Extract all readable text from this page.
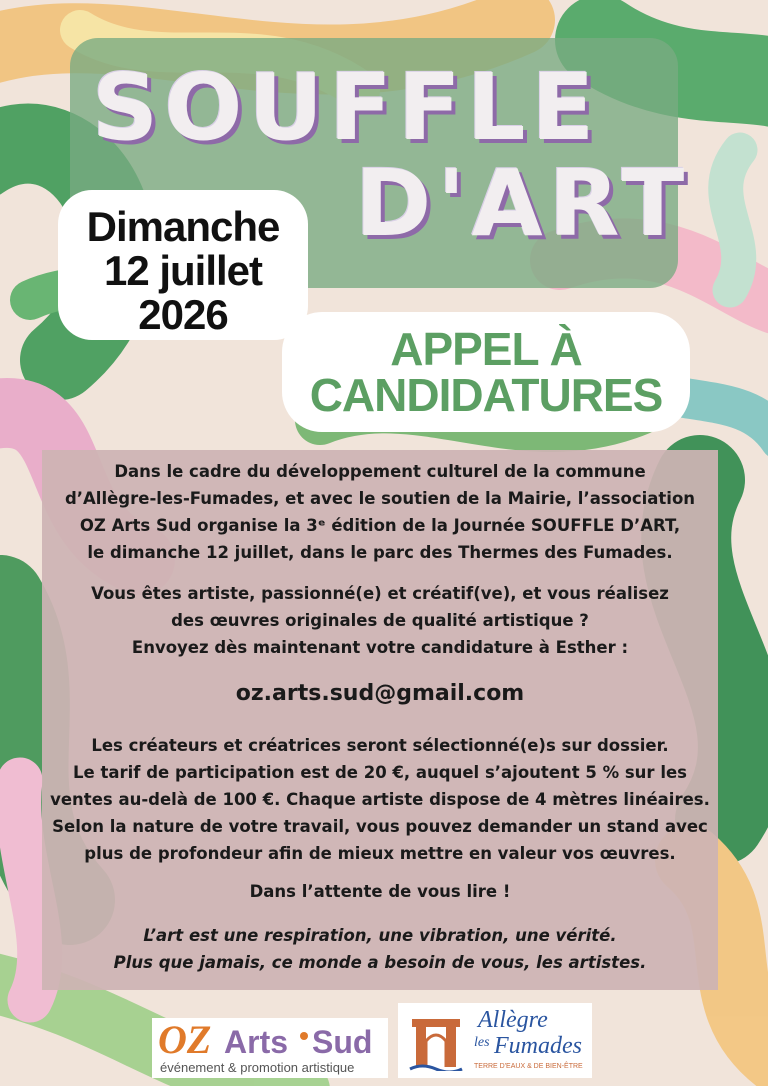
SOUFFLE
D'ART
Dimanche
12 juillet
2026
APPEL À
CANDIDATURES
Dans le cadre du développement culturel de la commune
d’Allègre-les-Fumades, et avec le soutien de la Mairie, l’association
OZ Arts Sud organise la 3ᵉ édition de la Journée SOUFFLE D’ART,
le dimanche 12 juillet, dans le parc des Thermes des Fumades.
Vous êtes artiste, passionné(e) et créatif(ve), et vous réalisez
des œuvres originales de qualité artistique ?
Envoyez dès maintenant votre candidature à Esther :
oz.arts.sud@gmail.com
Les créateurs et créatrices seront sélectionné(e)s sur dossier.
Le tarif de participation est de 20 €, auquel s’ajoutent 5 % sur les
ventes au-delà de 100 €. Chaque artiste dispose de 4 mètres linéaires.
Selon la nature de votre travail, vous pouvez demander un stand avec
plus de profondeur afin de mieux mettre en valeur vos œuvres.
Dans l’attente de vous lire !
L’art est une respiration, une vibration, une vérité.
Plus que jamais, ce monde a besoin de vous, les artistes.
OZ Arts Sud
événement & promotion artistique
Allègre
les Fumades
TERRE D'EAUX & DE BIEN-ÊTRE
